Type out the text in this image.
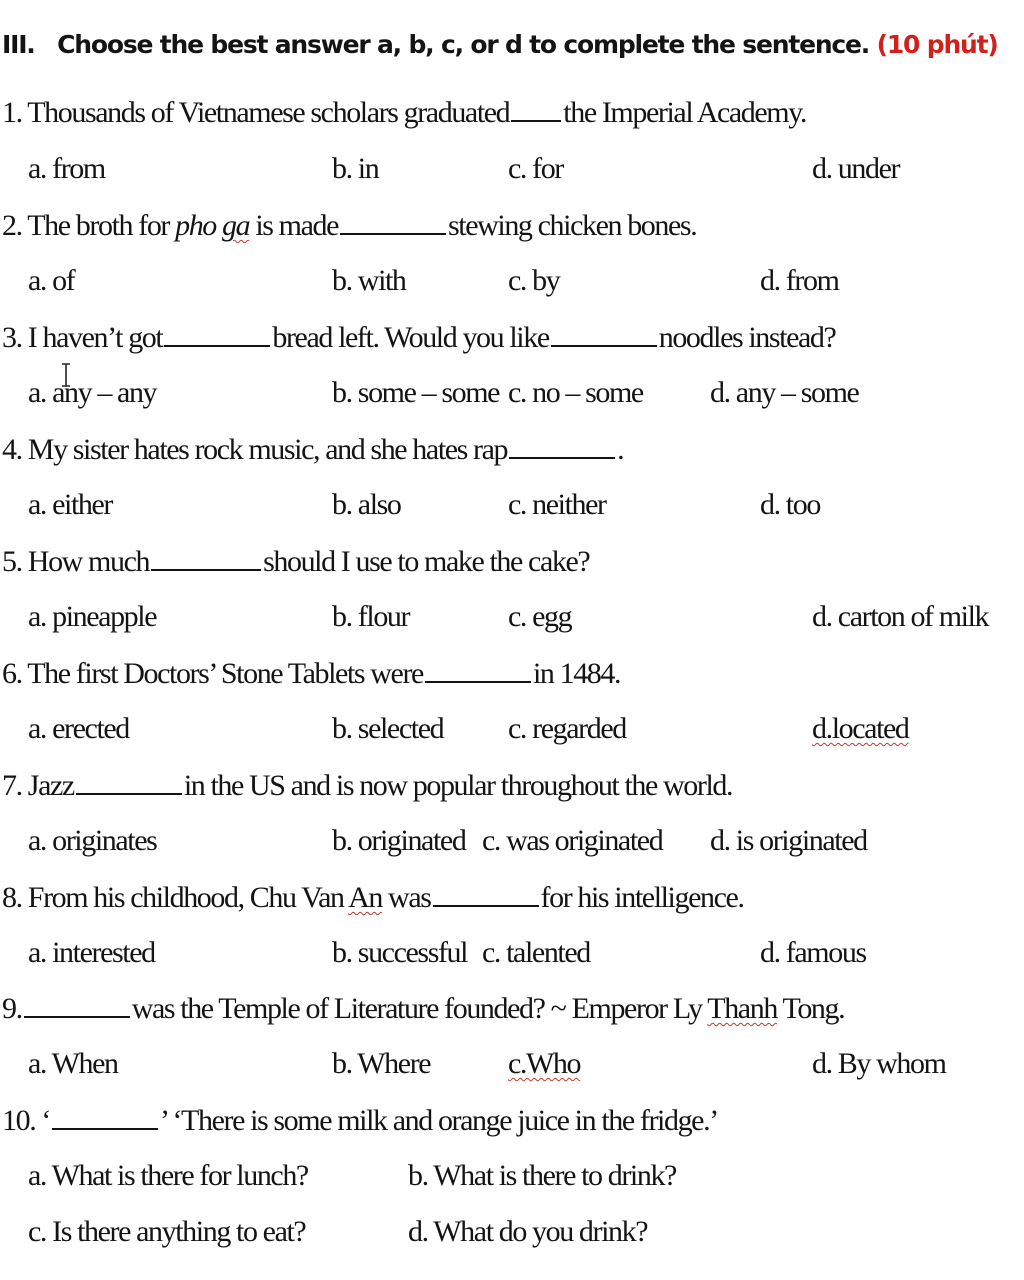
III. Choose the best answer a, b, c, or d to complete the sentence. (10 phút)
1. Thousands of Vietnamese scholars graduated the Imperial Academy.
a. from	b. in	c. for	d. under
2. The broth for pho ga is made	stewing chicken bones.
a. of	b. with	c. by	d. from
3. I haven’t got	bread left. Would you like	noodles instead?
a. any – any	b. some – some c. no – some d. any – some
4. My sister hates rock music, and she hates rap	.
a. either	b. also	c. neither	d. too
5. How much	should I use to make the cake?
a. pineapple	b. flour	c. egg	d. carton of milk
6. The first Doctors’ Stone Tablets were	in 1484.
a. erected	b. selected c. regarded	d.located
7. Jazz	in the US and is now popular throughout the world.
a. originates	b. originated c. was originated d. is originated
8. From his childhood, Chu Van An was	for his intelligence.
a. interested	b. successful c. talented	d. famous
9.	was the Temple of Literature founded? ~ Emperor Ly Thanh Tong.
a. When	b. Where	c.Who	d. By whom
10. ‘	’ ‘There is some milk and orange juice in the fridge.’
a. What is there for lunch?	b. What is there to drink?
c. Is there anything to eat?	d. What do you drink?
